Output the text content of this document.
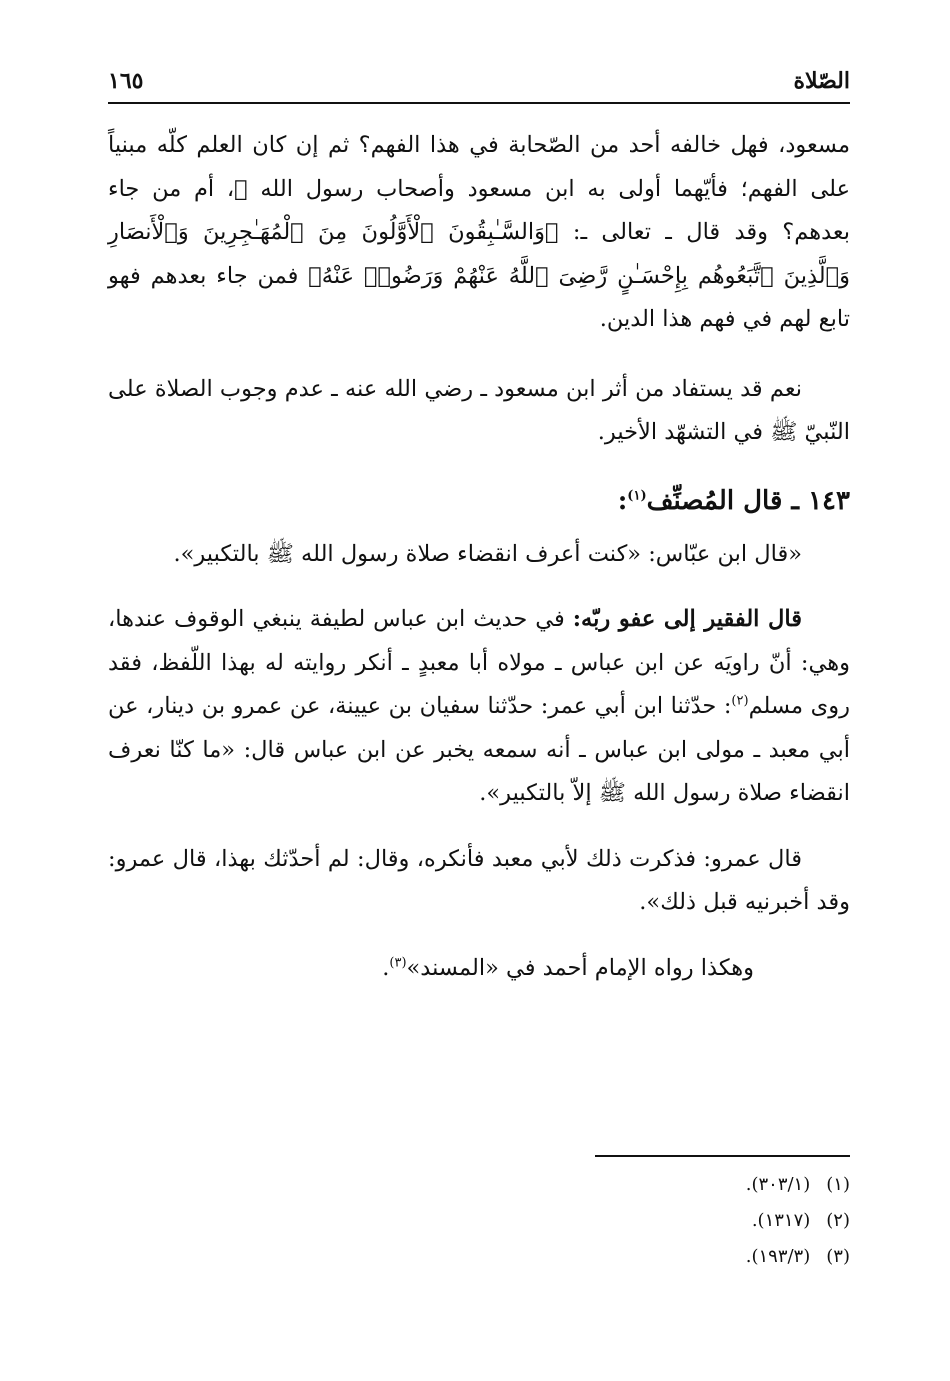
الصّلاة
١٦٥

مسعود، فهل خالفه أحد من الصّحابة في هذا الفهم؟ ثم إن كان العلم كلّه مبنياً على الفهم؛ فأيّهما أولى به ابن مسعود وأصحاب رسول الله ﷺ، أم من جاء بعدهم؟ وقد قال ـ تعالى ـ: ﴿وَالسَّـٰبِقُونَ ٱلْأَوَّلُونَ مِنَ ٱلْمُهَـٰجِرِينَ وَٱلْأَنصَارِ وَٱلَّذِينَ ٱتَّبَعُوهُم بِإِحْسَـٰنٍ رَّضِىَ ٱللَّهُ عَنْهُمْ وَرَضُوا۟ عَنْهُ﴾ فمن جاء بعدهم فهو تابع لهم في فهم هذا الدين.

نعم قد يستفاد من أثر ابن مسعود ـ رضي الله عنه ـ عدم وجوب الصلاة على النّبيّ ﷺ في التشهّد الأخير.

١٤٣ ـ قال المُصنِّف$^{(١)}$:

«قال ابن عبّاس: «كنت أعرف انقضاء صلاة رسول الله ﷺ بالتكبير».

قال الفقير إلى عفو ربّه: في حديث ابن عباس لطيفة ينبغي الوقوف عندها، وهي: أنّ راويَه عن ابن عباس ـ مولاه أبا معبدٍ ـ أنكر روايته له بهذا اللّفظ، فقد روى مسلم$^{(٢)}$: حدّثنا ابن أبي عمر: حدّثنا سفيان بن عيينة، عن عمرو بن دينار، عن أبي معبد ـ مولى ابن عباس ـ أنه سمعه يخبر عن ابن عباس قال: «ما كنّا نعرف انقضاء صلاة رسول الله ﷺ إلاّ بالتكبير».

قال عمرو: فذكرت ذلك لأبي معبد فأنكره، وقال: لم أحدّثك بهذا، قال عمرو: وقد أخبرنيه قبل ذلك».

وهكذا رواه الإمام أحمد في «المسند»$^{(٣)}$.

(١) (٣٠٣/١).

(٢) (١٣١٧).

(٣) (١٩٣/٣).
